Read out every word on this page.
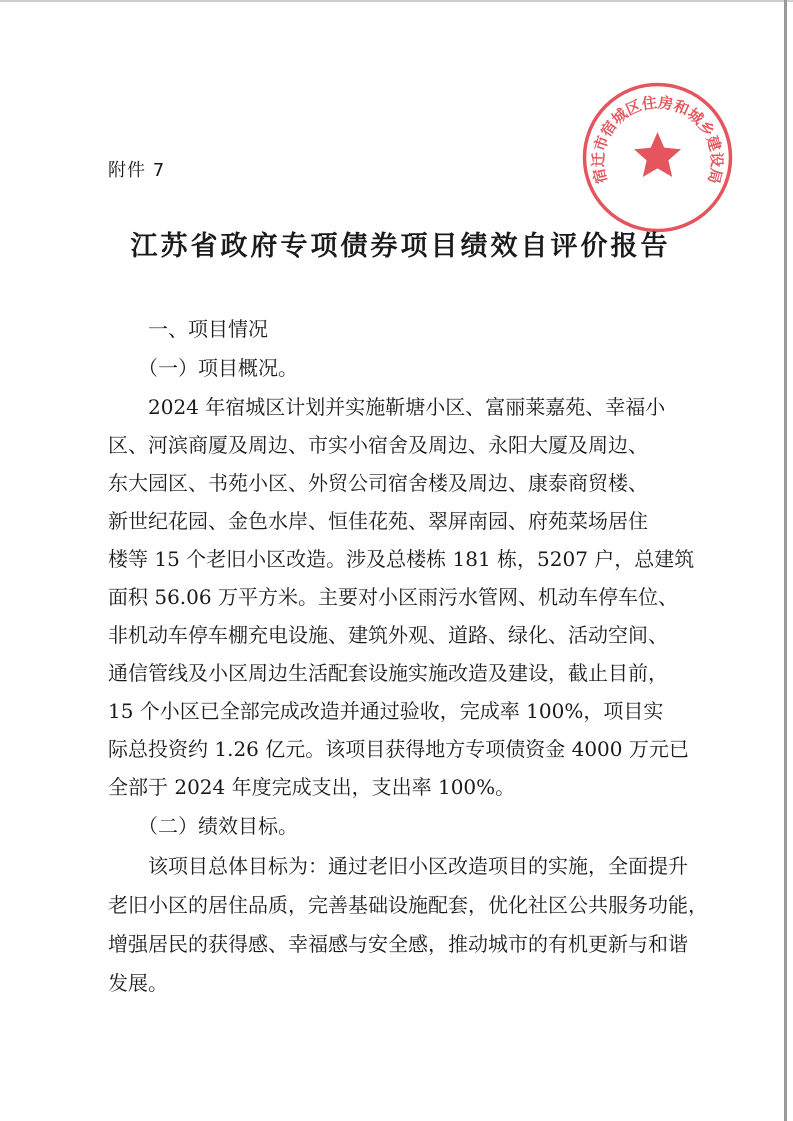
附件 7	宿迁市宿城区住房和城乡建设局
江苏省政府专项债券项目绩效自评价报告
一、项目情况
（一）项目概况。
2024 年宿城区计划并实施靳塘小区、富丽莱嘉苑、幸福小
区、河滨商厦及周边、市实小宿舍及周边、永阳大厦及周边、
东大园区、书苑小区、外贸公司宿舍楼及周边、康泰商贸楼、
新世纪花园、金色水岸、恒佳花苑、翠屏南园、府苑菜场居住
楼等 15 个老旧小区改造。涉及总楼栋 181 栋，5207 户，总建筑
面积 56.06 万平方米。主要对小区雨污水管网、机动车停车位、
非机动车停车棚充电设施、建筑外观、道路、绿化、活动空间、
通信管线及小区周边生活配套设施实施改造及建设，截止目前，
15 个小区已全部完成改造并通过验收，完成率 100%，项目实
际总投资约 1.26 亿元。该项目获得地方专项债资金 4000 万元已
全部于 2024 年度完成支出，支出率 100%。
（二）绩效目标。
该项目总体目标为：通过老旧小区改造项目的实施，全面提升
老旧小区的居住品质，完善基础设施配套，优化社区公共服务功能，
增强居民的获得感、幸福感与安全感，推动城市的有机更新与和谐
发展。
